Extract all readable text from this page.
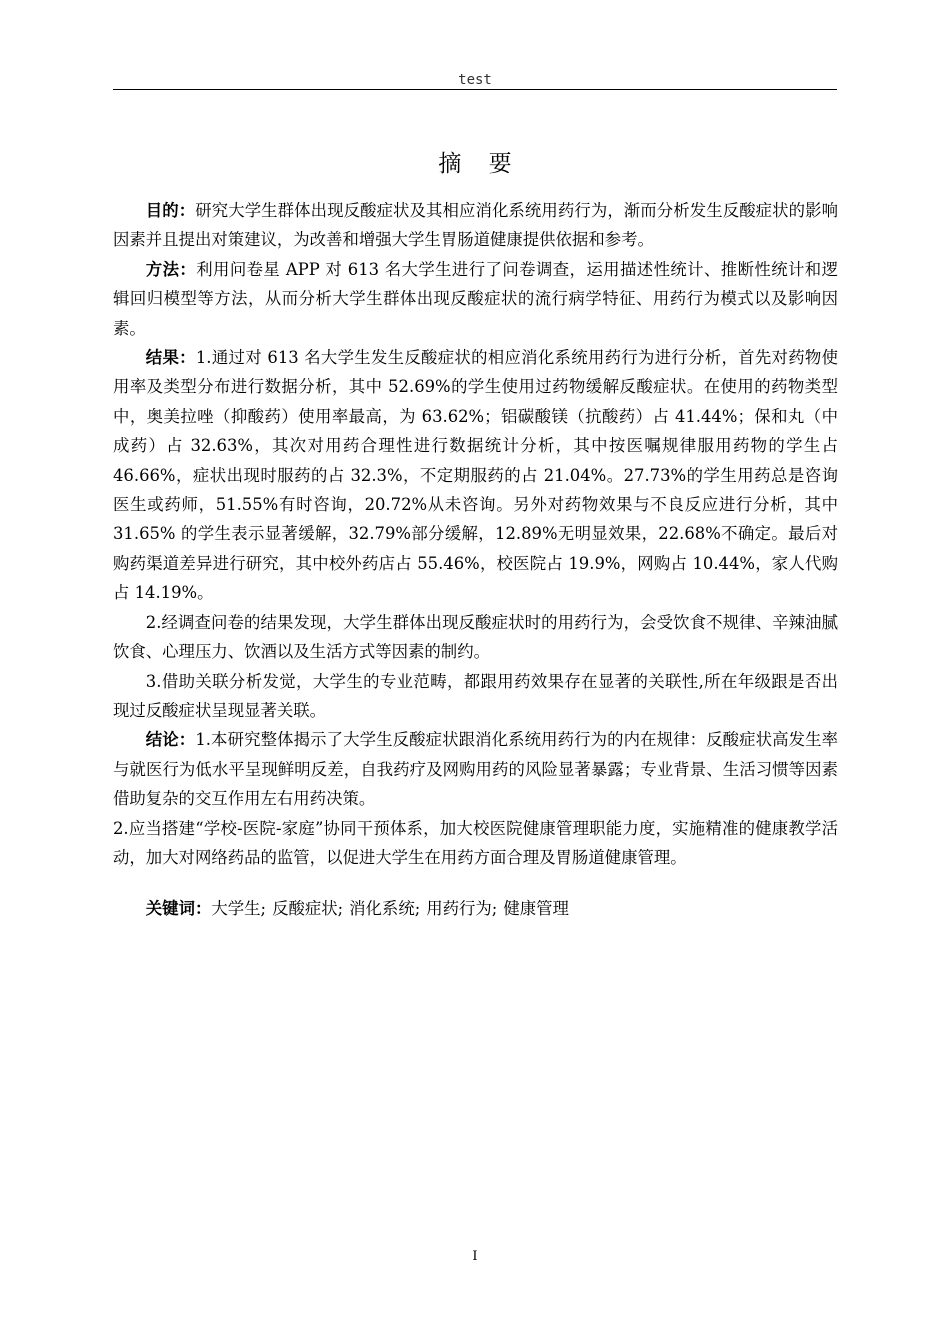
test
摘 要

目的：研究大学生群体出现反酸症状及其相应消化系统用药行为，渐而分析发生反酸症状的影响因素并且提出对策建议，为改善和增强大学生胃肠道健康提供依据和参考。

方法：利用问卷星 APP 对 613 名大学生进行了问卷调查，运用描述性统计、推断性统计和逻辑回归模型等方法，从而分析大学生群体出现反酸症状的流行病学特征、用药行为模式以及影响因素。

结果：1.通过对 613 名大学生发生反酸症状的相应消化系统用药行为进行分析，首先对药物使用率及类型分布进行数据分析，其中 52.69%的学生使用过药物缓解反酸症状。在使用的药物类型中，奥美拉唑（抑酸药）使用率最高，为 63.62%；铝碳酸镁（抗酸药）占 41.44%；保和丸（中成药）占 32.63%，其次对用药合理性进行数据统计分析，其中按医嘱规律服用药物的学生占 46.66%，症状出现时服药的占 32.3%，不定期服药的占 21.04%。27.73%的学生用药总是咨询医生或药师，51.55%有时咨询，20.72%从未咨询。另外对药物效果与不良反应进行分析，其中 31.65% 的学生表示显著缓解，32.79%部分缓解，12.89%无明显效果，22.68%不确定。最后对购药渠道差异进行研究，其中校外药店占 55.46%，校医院占 19.9%，网购占 10.44%，家人代购占 14.19%。

2.经调查问卷的结果发现，大学生群体出现反酸症状时的用药行为，会受饮食不规律、辛辣油腻饮食、心理压力、饮酒以及生活方式等因素的制约。

3.借助关联分析发觉，大学生的专业范畴，都跟用药效果存在显著的关联性,所在年级跟是否出现过反酸症状呈现显著关联。

结论：1.本研究整体揭示了大学生反酸症状跟消化系统用药行为的内在规律：反酸症状高发生率与就医行为低水平呈现鲜明反差，自我药疗及网购用药的风险显著暴露；专业背景、生活习惯等因素借助复杂的交互作用左右用药决策。

2.应当搭建“学校-医院-家庭”协同干预体系，加大校医院健康管理职能力度，实施精准的健康教学活动，加大对网络药品的监管，以促进大学生在用药方面合理及胃肠道健康管理。

关键词：大学生; 反酸症状; 消化系统; 用药行为; 健康管理

I
